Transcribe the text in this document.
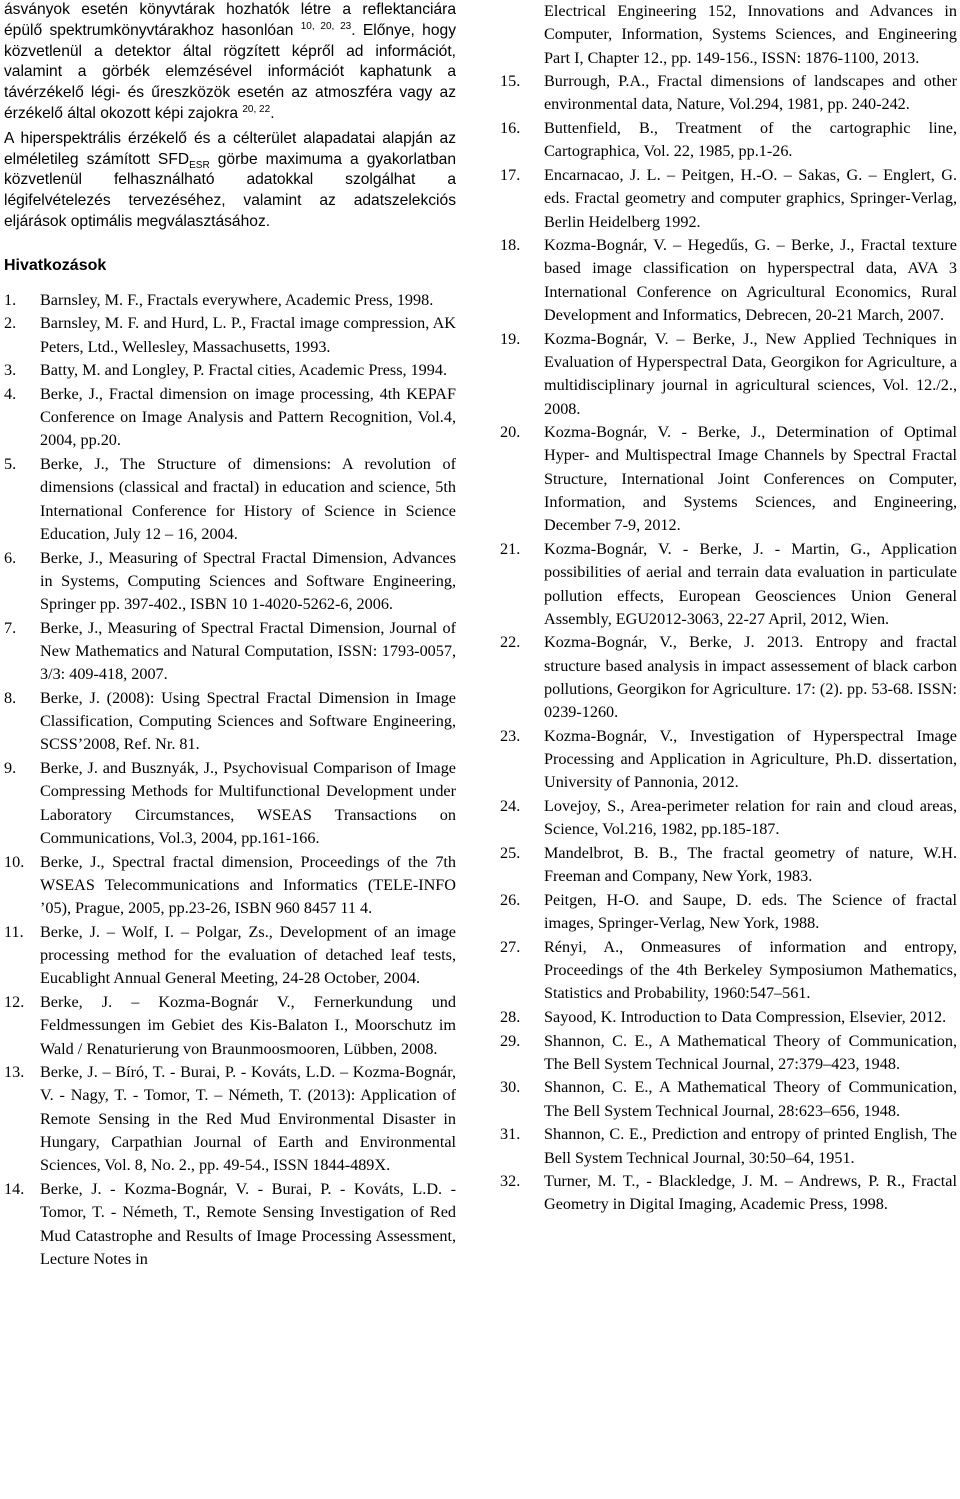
ásványok esetén könyvtárak hozhatók létre a reflektanciára épülő spektrumkönyvtárakhoz hasonlóan $^{10, 20, 23}$. Előnye, hogy közvetlenül a detektor által rögzített képről ad információt, valamint a görbék elemzésével információt kaphatunk a távérzékelő légi- és űreszközök esetén az atmoszféra vagy az érzékelő által okozott képi zajokra $^{20, 22}$.

A hiperspektrális érzékelő és a célterület alapadatai alapján az elméletileg számított $SFD_{ESR}$ görbe maximuma a gyakorlatban közvetlenül felhasználható adatokkal szolgálhat a légifelvételezés tervezéséhez, valamint az adatszelekciós eljárások optimális megválasztásához.

Hivatkozások
1. Barnsley, M. F., Fractals everywhere, Academic Press, 1998.
2. Barnsley, M. F. and Hurd, L. P., Fractal image compression, AK Peters, Ltd., Wellesley, Massachusetts, 1993.
3. Batty, M. and Longley, P. Fractal cities, Academic Press, 1994.
4. Berke, J., Fractal dimension on image processing, 4th KEPAF Conference on Image Analysis and Pattern Recognition, Vol.4, 2004, pp.20.
5. Berke, J., The Structure of dimensions: A revolution of dimensions (classical and fractal) in education and science, 5th International Conference for History of Science in Science Education, July 12 – 16, 2004.
6. Berke, J., Measuring of Spectral Fractal Dimension, Advances in Systems, Computing Sciences and Software Engineering, Springer pp. 397-402., ISBN 10 1-4020-5262-6, 2006.
7. Berke, J., Measuring of Spectral Fractal Dimension, Journal of New Mathematics and Natural Computation, ISSN: 1793-0057, 3/3: 409-418, 2007.
8. Berke, J. (2008): Using Spectral Fractal Dimension in Image Classification, Computing Sciences and Software Engineering, SCSS’2008, Ref. Nr. 81.
9. Berke, J. and Busznyák, J., Psychovisual Comparison of Image Compressing Methods for Multifunctional Development under Laboratory Circumstances, WSEAS Transactions on Communications, Vol.3, 2004, pp.161-166.
10. Berke, J., Spectral fractal dimension, Proceedings of the 7th WSEAS Telecommunications and Informatics (TELE-INFO ’05), Prague, 2005, pp.23-26, ISBN 960 8457 11 4.
11. Berke, J. – Wolf, I. – Polgar, Zs., Development of an image processing method for the evaluation of detached leaf tests, Eucablight Annual General Meeting, 24-28 October, 2004.
12. Berke, J. – Kozma-Bognár V., Fernerkundung und Feldmessungen im Gebiet des Kis-Balaton I., Moorschutz im Wald / Renaturierung von Braunmoosmooren, Lübben, 2008.
13. Berke, J. – Bíró, T. - Burai, P. - Kováts, L.D. – Kozma-Bognár, V. - Nagy, T. - Tomor, T. – Németh, T. (2013): Application of Remote Sensing in the Red Mud Environmental Disaster in Hungary, Carpathian Journal of Earth and Environmental Sciences, Vol. 8, No. 2., pp. 49-54., ISSN 1844-489X.
14. Berke, J. - Kozma-Bognár, V. - Burai, P. - Kováts, L.D. - Tomor, T. - Németh, T., Remote Sensing Investigation of Red Mud Catastrophe and Results of Image Processing Assessment, Lecture Notes in
Electrical Engineering 152, Innovations and Advances in Computer, Information, Systems Sciences, and Engineering Part I, Chapter 12., pp. 149-156., ISSN: 1876-1100, 2013.
15. Burrough, P.A., Fractal dimensions of landscapes and other environmental data, Nature, Vol.294, 1981, pp. 240-242.
16. Buttenfield, B., Treatment of the cartographic line, Cartographica, Vol. 22, 1985, pp.1-26.
17. Encarnacao, J. L. – Peitgen, H.-O. – Sakas, G. – Englert, G. eds. Fractal geometry and computer graphics, Springer-Verlag, Berlin Heidelberg 1992.
18. Kozma-Bognár, V. – Hegedűs, G. – Berke, J., Fractal texture based image classification on hyperspectral data, AVA 3 International Conference on Agricultural Economics, Rural Development and Informatics, Debrecen, 20-21 March, 2007.
19. Kozma-Bognár, V. – Berke, J., New Applied Techniques in Evaluation of Hyperspectral Data, Georgikon for Agriculture, a multidisciplinary journal in agricultural sciences, Vol. 12./2., 2008.
20. Kozma-Bognár, V. - Berke, J., Determination of Optimal Hyper- and Multispectral Image Channels by Spectral Fractal Structure, International Joint Conferences on Computer, Information, and Systems Sciences, and Engineering, December 7-9, 2012.
21. Kozma-Bognár, V. - Berke, J. - Martin, G., Application possibilities of aerial and terrain data evaluation in particulate pollution effects, European Geosciences Union General Assembly, EGU2012-3063, 22-27 April, 2012, Wien.
22. Kozma-Bognár, V., Berke, J. 2013. Entropy and fractal structure based analysis in impact assessement of black carbon pollutions, Georgikon for Agriculture. 17: (2). pp. 53-68. ISSN: 0239-1260.
23. Kozma-Bognár, V., Investigation of Hyperspectral Image Processing and Application in Agriculture, Ph.D. dissertation, University of Pannonia, 2012.
24. Lovejoy, S., Area-perimeter relation for rain and cloud areas, Science, Vol.216, 1982, pp.185-187.
25. Mandelbrot, B. B., The fractal geometry of nature, W.H. Freeman and Company, New York, 1983.
26. Peitgen, H-O. and Saupe, D. eds. The Science of fractal images, Springer-Verlag, New York, 1988.
27. Rényi, A., Onmeasures of information and entropy, Proceedings of the 4th Berkeley Symposiumon Mathematics, Statistics and Probability, 1960:547–561.
28. Sayood, K. Introduction to Data Compression, Elsevier, 2012.
29. Shannon, C. E., A Mathematical Theory of Communication, The Bell System Technical Journal, 27:379–423, 1948.
30. Shannon, C. E., A Mathematical Theory of Communication, The Bell System Technical Journal, 28:623–656, 1948.
31. Shannon, C. E., Prediction and entropy of printed English, The Bell System Technical Journal, 30:50–64, 1951.
32. Turner, M. T., - Blackledge, J. M. – Andrews, P. R., Fractal Geometry in Digital Imaging, Academic Press, 1998.
